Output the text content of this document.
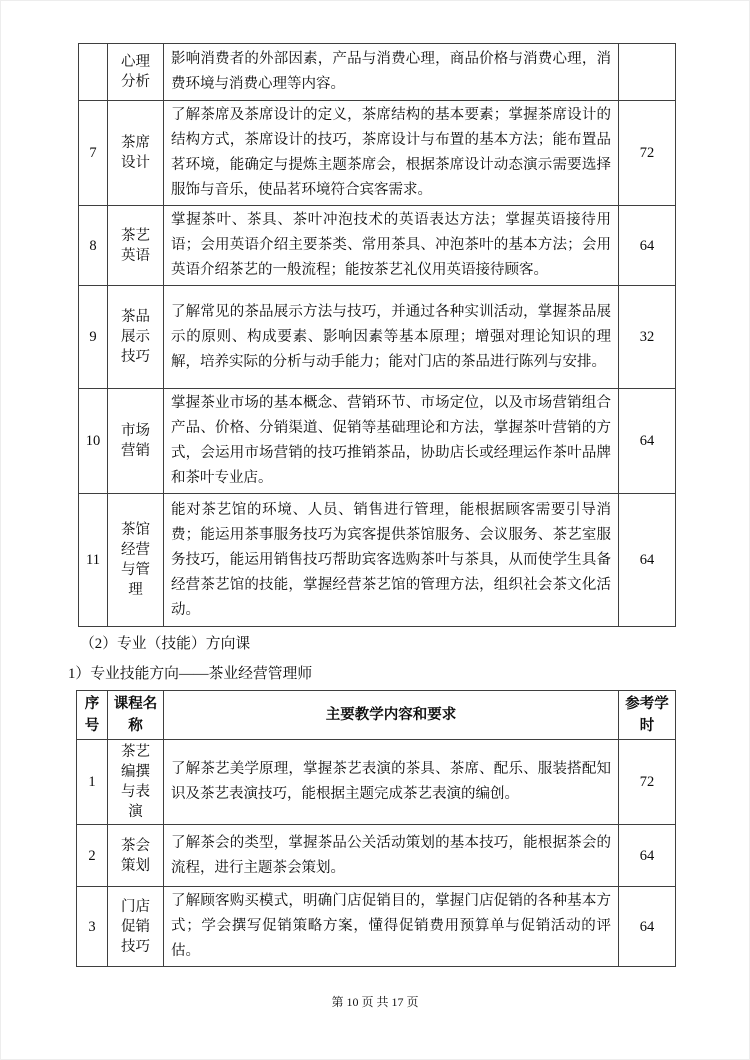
	心理分析	影响消费者的外部因素，产品与消费心理，商品价格与消费心理，消费环境与消费心理等内容。	
7	茶席设计	了解茶席及茶席设计的定义，茶席结构的基本要素；掌握茶席设计的结构方式，茶席设计的技巧，茶席设计与布置的基本方法；能布置品茗环境，能确定与提炼主题茶席会，根据茶席设计动态演示需要选择服饰与音乐，使品茗环境符合宾客需求。	72
8	茶艺英语	掌握茶叶、茶具、茶叶冲泡技术的英语表达方法；掌握英语接待用语；会用英语介绍主要茶类、常用茶具、冲泡茶叶的基本方法；会用英语介绍茶艺的一般流程；能按茶艺礼仪用英语接待顾客。	64
9	茶品展示技巧	了解常见的茶品展示方法与技巧，并通过各种实训活动，掌握茶品展示的原则、构成要素、影响因素等基本原理；增强对理论知识的理解，培养实际的分析与动手能力；能对门店的茶品进行陈列与安排。	32
10	市场营销	掌握茶业市场的基本概念、营销环节、市场定位，以及市场营销组合产品、价格、分销渠道、促销等基础理论和方法，掌握茶叶营销的方式，会运用市场营销的技巧推销茶品，协助店长或经理运作茶叶品牌和茶叶专业店。	64
11	茶馆经营与管理	能对茶艺馆的环境、人员、销售进行管理，能根据顾客需要引导消费；能运用茶事服务技巧为宾客提供茶馆服务、会议服务、茶艺室服务技巧，能运用销售技巧帮助宾客选购茶叶与茶具，从而使学生具备经营茶艺馆的技能，掌握经营茶艺馆的管理方法，组织社会茶文化活动。	64
（2）专业（技能）方向课
1）专业技能方向——茶业经营管理师
序号	课程名称	主要教学内容和要求	参考学时
1	茶艺编撰与表演	了解茶艺美学原理，掌握茶艺表演的茶具、茶席、配乐、服装搭配知识及茶艺表演技巧，能根据主题完成茶艺表演的编创。	72
2	茶会策划	了解茶会的类型，掌握茶品公关活动策划的基本技巧，能根据茶会的流程，进行主题茶会策划。	64
3	门店促销技巧	了解顾客购买模式，明确门店促销目的，掌握门店促销的各种基本方式；学会撰写促销策略方案，懂得促销费用预算单与促销活动的评估。	64
第 10 页 共 17 页
